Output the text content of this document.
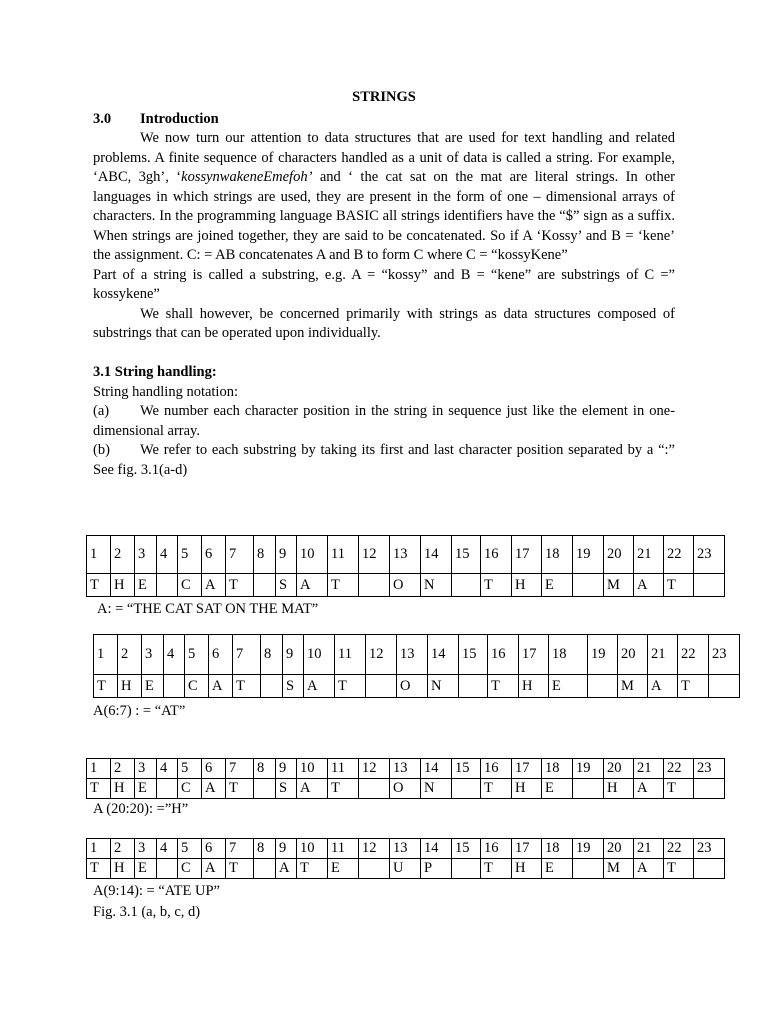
STRINGS
3.0 Introduction

We now turn our attention to data structures that are used for text handling and related problems. A finite sequence of characters handled as a unit of data is called a string. For example, ‘ABC, 3gh’, ‘kossynwakeneEmefoh’ and ‘ the cat sat on the mat are literal strings. In other languages in which strings are used, they are present in the form of one – dimensional arrays of characters. In the programming language BASIC all strings identifiers have the “$” sign as a suffix. When strings are joined together, they are said to be concatenated. So if A ‘Kossy’ and B = ‘kene’ the assignment. C: = AB concatenates A and B to form C where C = “kossyKene”

Part of a string is called a substring, e.g. A = “kossy” and B = “kene” are substrings of C =” kossykene”

We shall however, be concerned primarily with strings as data structures composed of substrings that can be operated upon individually.

3.1 String handling:

String handling notation:

(a) We number each character position in the string in sequence just like the element in one- dimensional array.

(b) We refer to each substring by taking its first and last character position separated by a “:” See fig. 3.1(a-d)

1	2	3	4	5	6	7	8	9	10	11	12	13	14	15	16	17	18	19	20	21	22	23
T	H	E		C	A	T		S	A	T		O	N		T	H	E		M	A	T	
A: = “THE CAT SAT ON THE MAT”
1	2	3	4	5	6	7	8	9	10	11	12	13	14	15	16	17	18	19	20	21	22	23
T	H	E		C	A	T		S	A	T		O	N		T	H	E		M	A	T	
A(6:7) : = “AT”
1	2	3	4	5	6	7	8	9	10	11	12	13	14	15	16	17	18	19	20	21	22	23
T	H	E		C	A	T		S	A	T		O	N		T	H	E		H	A	T	
A (20:20): =”H”
1	2	3	4	5	6	7	8	9	10	11	12	13	14	15	16	17	18	19	20	21	22	23
T	H	E		C	A	T		A	T	E		U	P		T	H	E		M	A	T	
A(9:14): = “ATE UP”
Fig. 3.1 (a, b, c, d)
